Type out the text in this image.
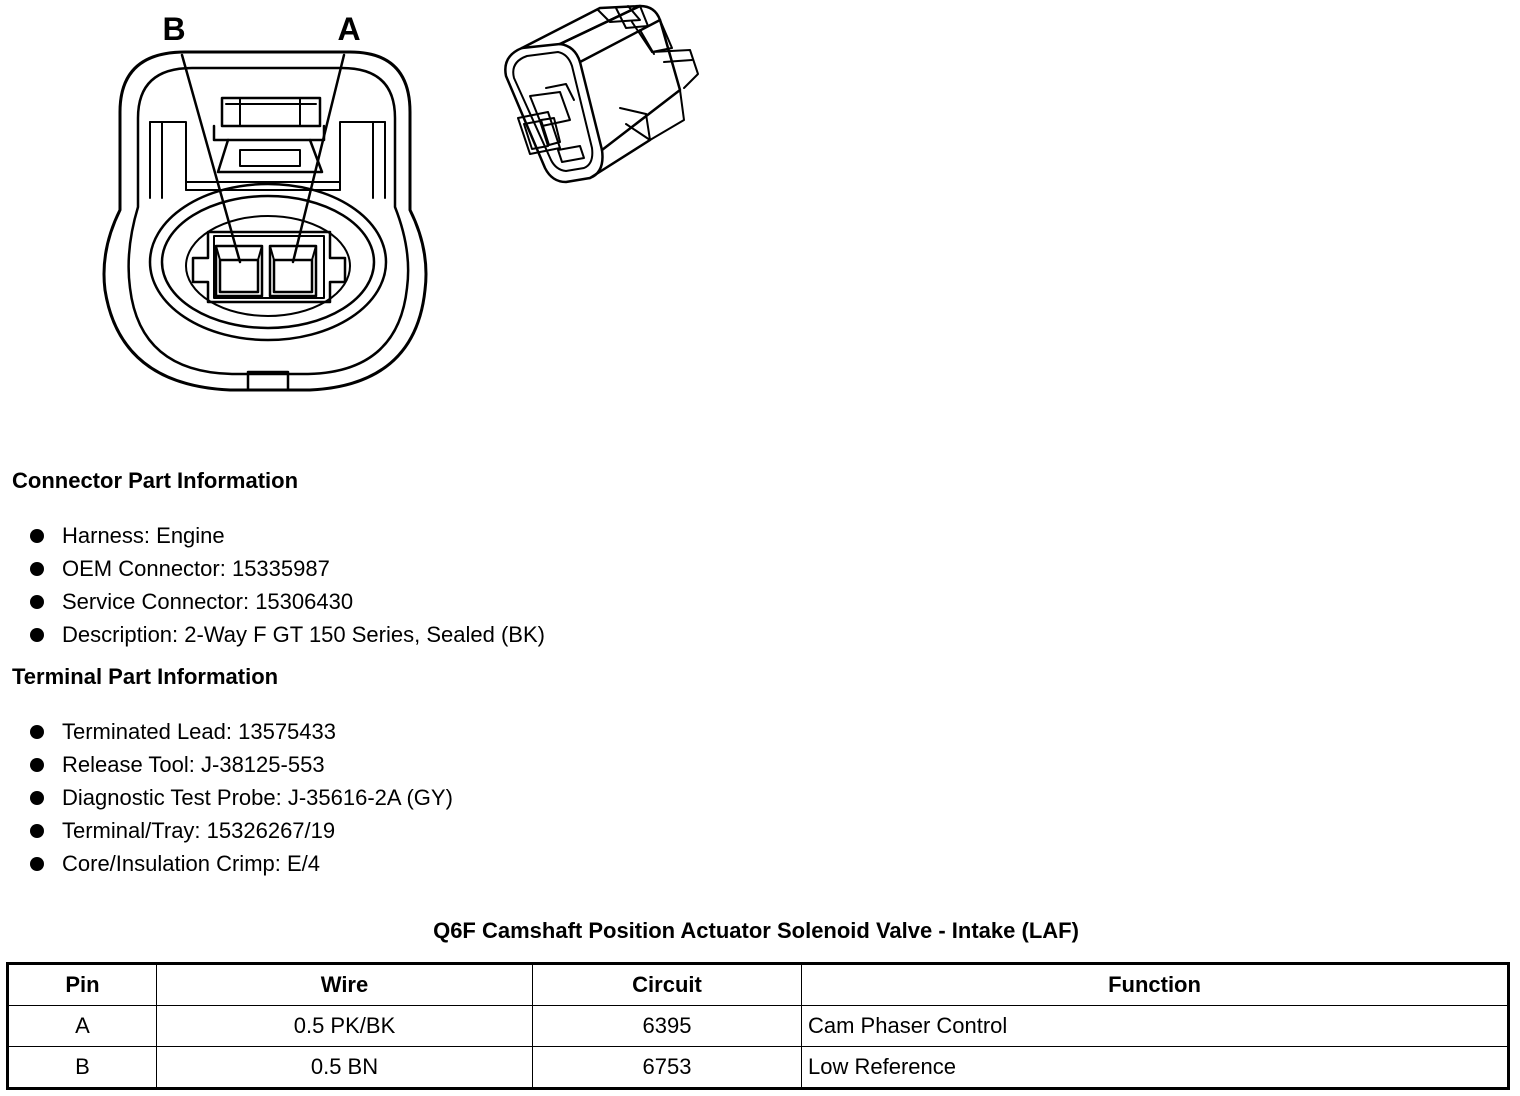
B	A
Connector Part Information
Harness: Engine
OEM Connector: 15335987
Service Connector: 15306430
Description: 2-Way F GT 150 Series, Sealed (BK)
Terminal Part Information
Terminated Lead: 13575433
Release Tool: J-38125-553
Diagnostic Test Probe: J-35616-2A (GY)
Terminal/Tray: 15326267/19
Core/Insulation Crimp: E/4
Q6F Camshaft Position Actuator Solenoid Valve - Intake (LAF)
Pin	Wire	Circuit	Function
A	0.5 PK/BK	6395	Cam Phaser Control
B	0.5 BN	6753	Low Reference
